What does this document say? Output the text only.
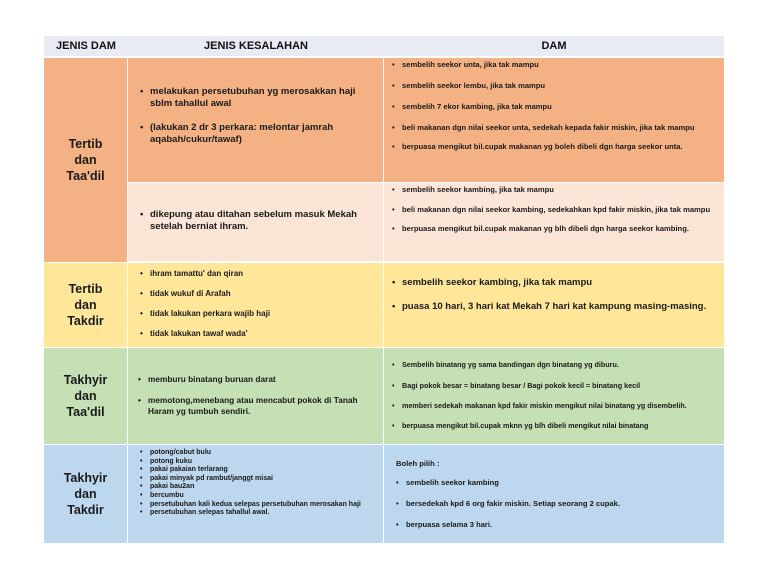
JENIS DAM	JENIS KESALAHAN	DAM
Tertib
dan
Taa'dil
• melakukan persetubuhan yg merosakkan haji sblm tahallul awal
• (lakukan 2 dr 3 perkara: melontar jamrah aqabah/cukur/tawaf)
• dikepung atau ditahan sebelum masuk Mekah setelah berniat ihram.
• sembelih seekor unta, jika tak mampu
• sembelih seekor lembu, jika tak mampu
• sembelih 7 ekor kambing, jika tak mampu
• beli makanan dgn nilai seekor unta, sedekah kepada fakir miskin, jika tak mampu
• berpuasa mengikut bil.cupak makanan yg boleh dibeli dgn harga seekor unta.
• sembelih seekor kambing, jika tak mampu
• beli makanan dgn nilai seekor kambing, sedekahkan kpd fakir miskin, jika tak mampu
• berpuasa mengikut bil.cupak makanan yg blh dibeli dgn harga seekor kambing.
Tertib
dan
Takdir
• ihram tamattu' dan qiran
• tidak wukuf di Arafah
• tidak lakukan perkara wajib haji
• tidak lakukan tawaf wada'
• sembelih seekor kambing, jika tak mampu
• puasa 10 hari, 3 hari kat Mekah 7 hari kat kampung masing-masing.
Takhyir
dan
Taa'dil
• memburu binatang buruan darat
• memotong,menebang atau mencabut pokok di Tanah Haram yg tumbuh sendiri.
• Sembelih binatang yg sama bandingan dgn binatang yg diburu.
• Bagi pokok besar = binatang besar / Bagi pokok kecil = binatang kecil
• memberi sedekah makanan kpd fakir miskin mengikut nilai binatang yg disembelih.
• berpuasa mengikut bil.cupak mknn yg blh dibeli mengikut nilai binatang
Takhyir
dan
Takdir
• potong/cabut bulu
• potong kuku
• pakai pakaian terlarang
• pakai minyak pd rambut/janggt misai
• pakai bau2an
• bercumbu
• persetubuhan kali kedua selepas persetubuhan merosakan haji
• persetubuhan selepas tahallul awal.
Boleh pilih :
• sembelih seekor kambing
• bersedekah kpd 6 org fakir miskin. Setiap seorang 2 cupak.
• berpuasa selama 3 hari.
